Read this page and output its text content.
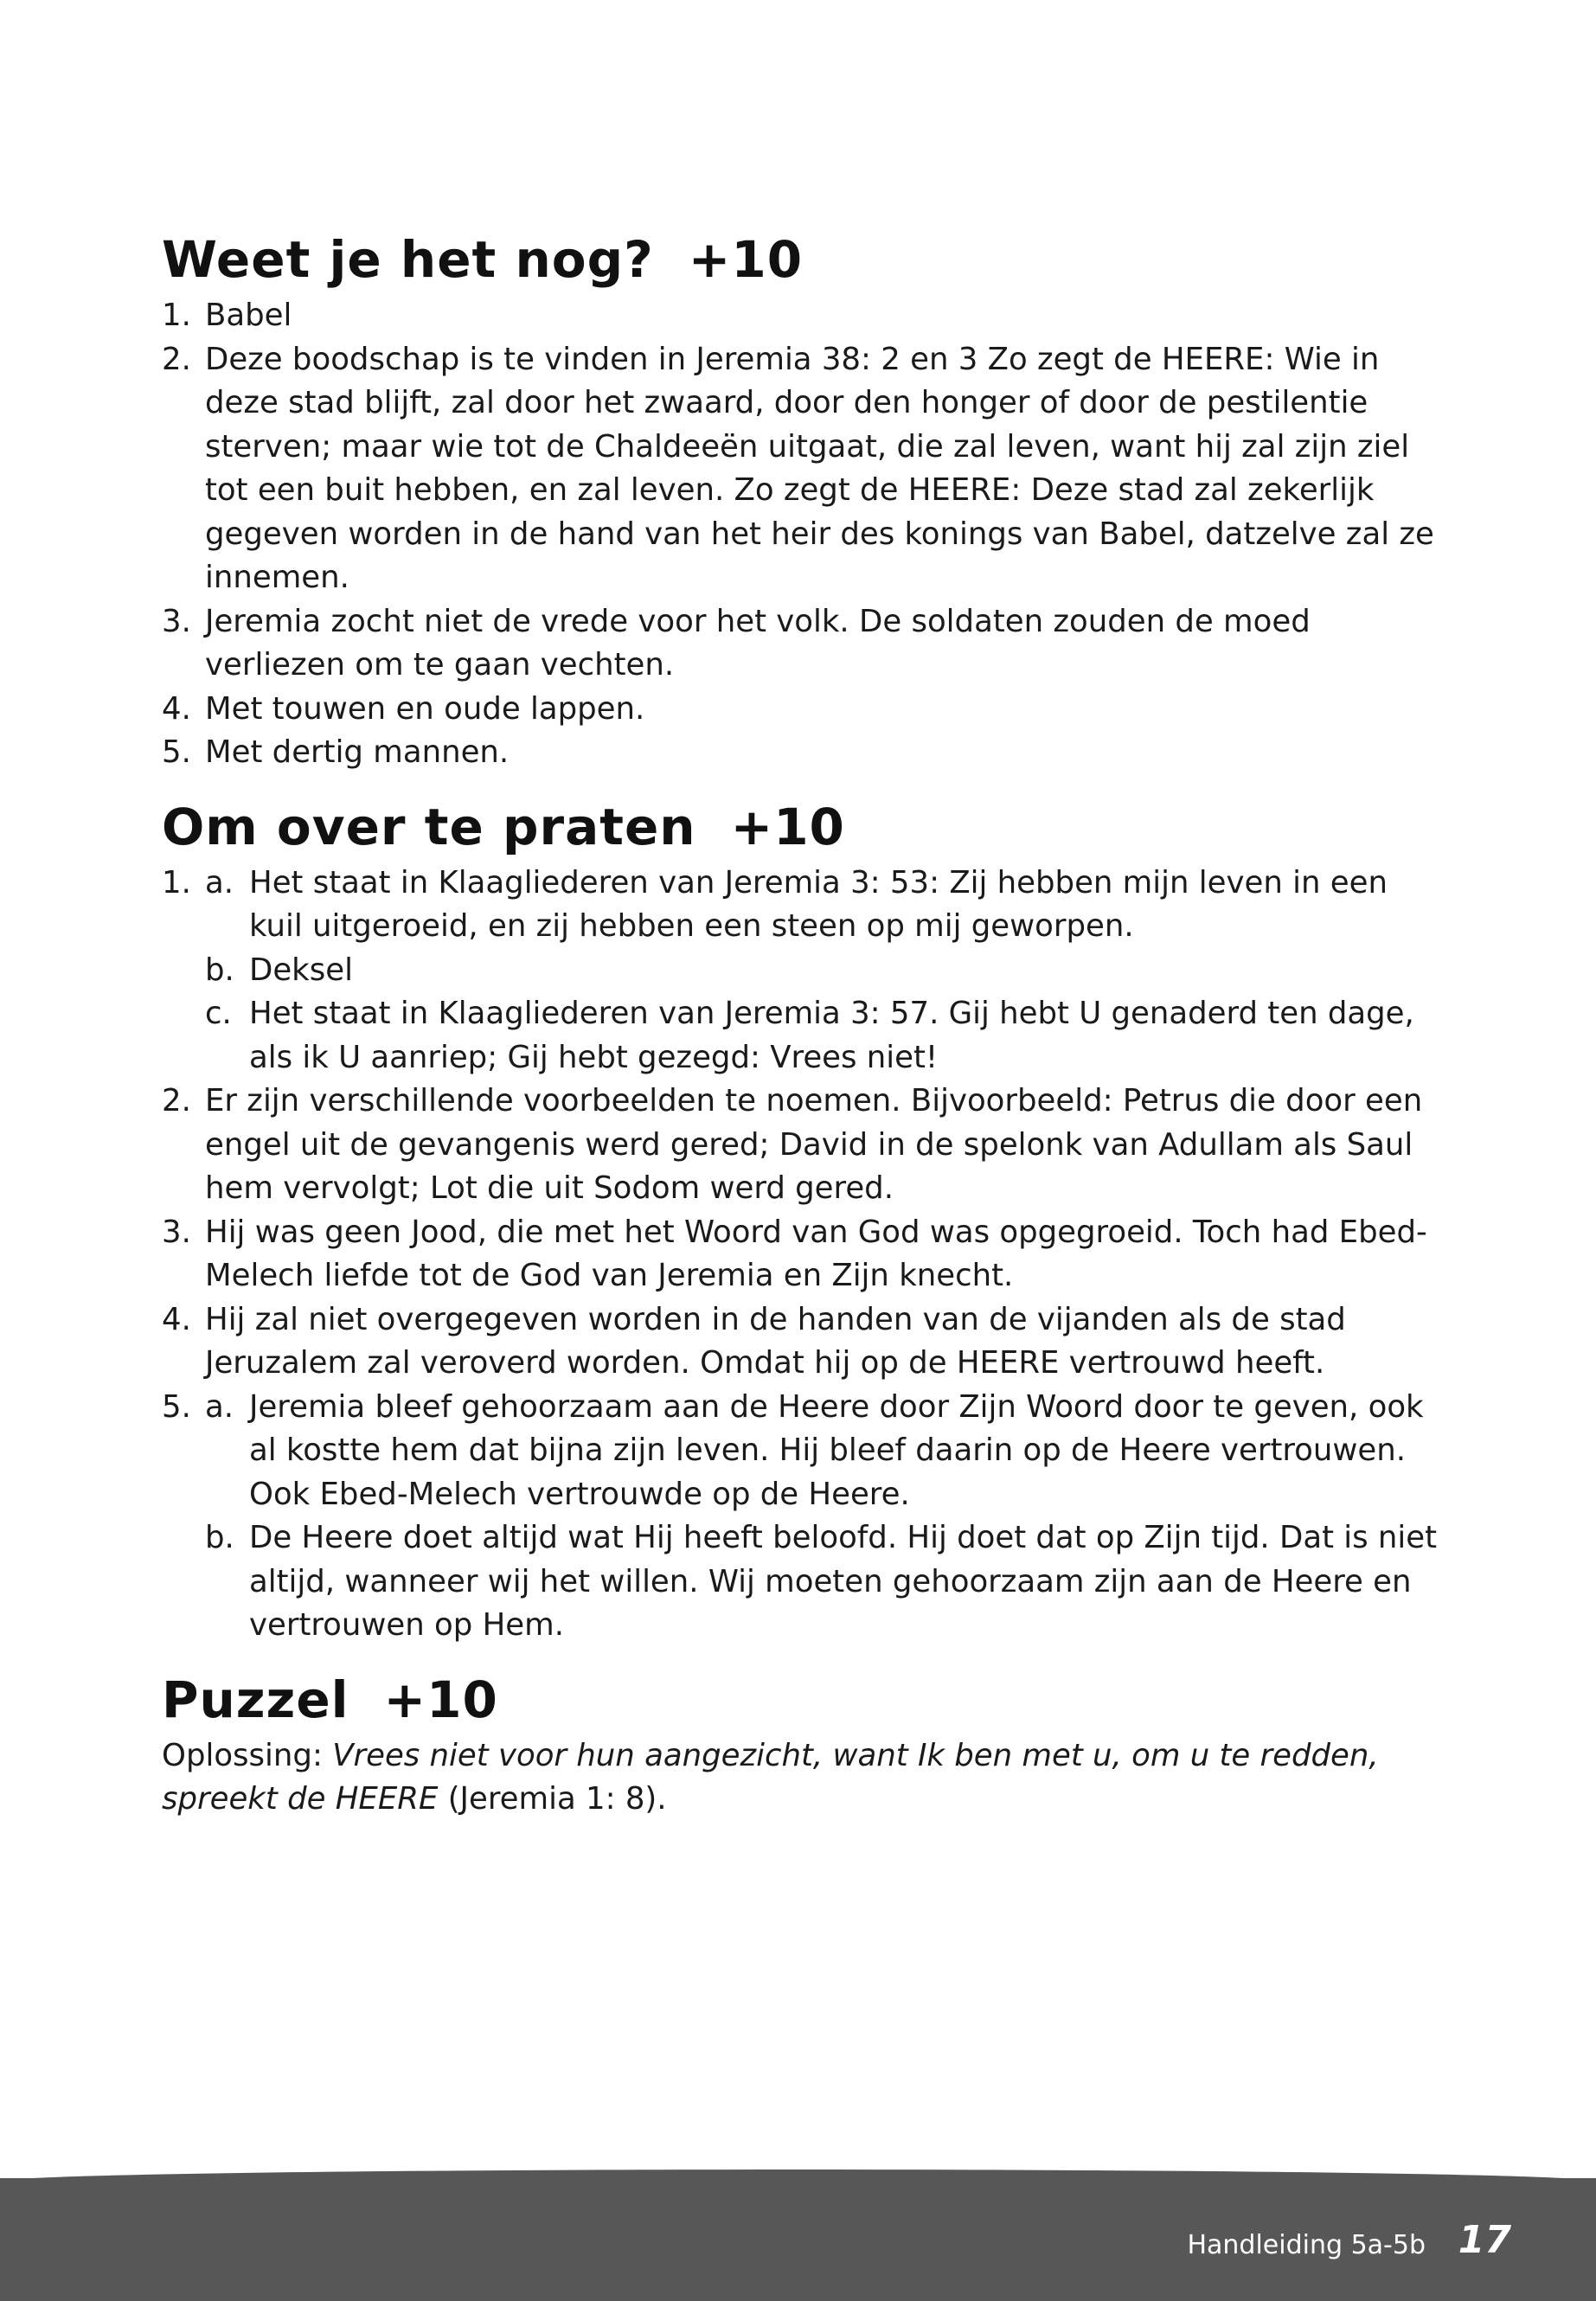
Weet je het nog? +10
1. Babel
2. Deze boodschap is te vinden in Jeremia 38: 2 en 3 Zo zegt de HEERE: Wie in deze stad blijft, zal door het zwaard, door den honger of door de pestilentie sterven; maar wie tot de Chaldeeën uitgaat, die zal leven, want hij zal zijn ziel tot een buit hebben, en zal leven. Zo zegt de HEERE: Deze stad zal zekerlijk gegeven worden in de hand van het heir des konings van Babel, datzelve zal ze innemen.
3. Jeremia zocht niet de vrede voor het volk. De soldaten zouden de moed verliezen om te gaan vechten.
4. Met touwen en oude lappen.
5. Met dertig mannen.
Om over te praten +10
1. a. Het staat in Klaagliederen van Jeremia 3: 53: Zij hebben mijn leven in een kuil uitgeroeid, en zij hebben een steen op mij geworpen.
b. Deksel
c. Het staat in Klaagliederen van Jeremia 3: 57. Gij hebt U genaderd ten dage, als ik U aanriep; Gij hebt gezegd: Vrees niet!
2. Er zijn verschillende voorbeelden te noemen. Bijvoorbeeld: Petrus die door een engel uit de gevangenis werd gered; David in de spelonk van Adullam als Saul hem vervolgt; Lot die uit Sodom werd gered.
3. Hij was geen Jood, die met het Woord van God was opgegroeid. Toch had Ebed-Melech liefde tot de God van Jeremia en Zijn knecht.
4. Hij zal niet overgegeven worden in de handen van de vijanden als de stad Jeruzalem zal veroverd worden. Omdat hij op de HEERE vertrouwd heeft.
5. a. Jeremia bleef gehoorzaam aan de Heere door Zijn Woord door te geven, ook al kostte hem dat bijna zijn leven. Hij bleef daarin op de Heere vertrouwen. Ook Ebed-Melech vertrouwde op de Heere.
b. De Heere doet altijd wat Hij heeft beloofd. Hij doet dat op Zijn tijd. Dat is niet altijd, wanneer wij het willen. Wij moeten gehoorzaam zijn aan de Heere en vertrouwen op Hem.
Puzzel +10

Oplossing: Vrees niet voor hun aangezicht, want Ik ben met u, om u te redden, spreekt de HEERE (Jeremia 1: 8).

Handleiding 5a-5b 17
